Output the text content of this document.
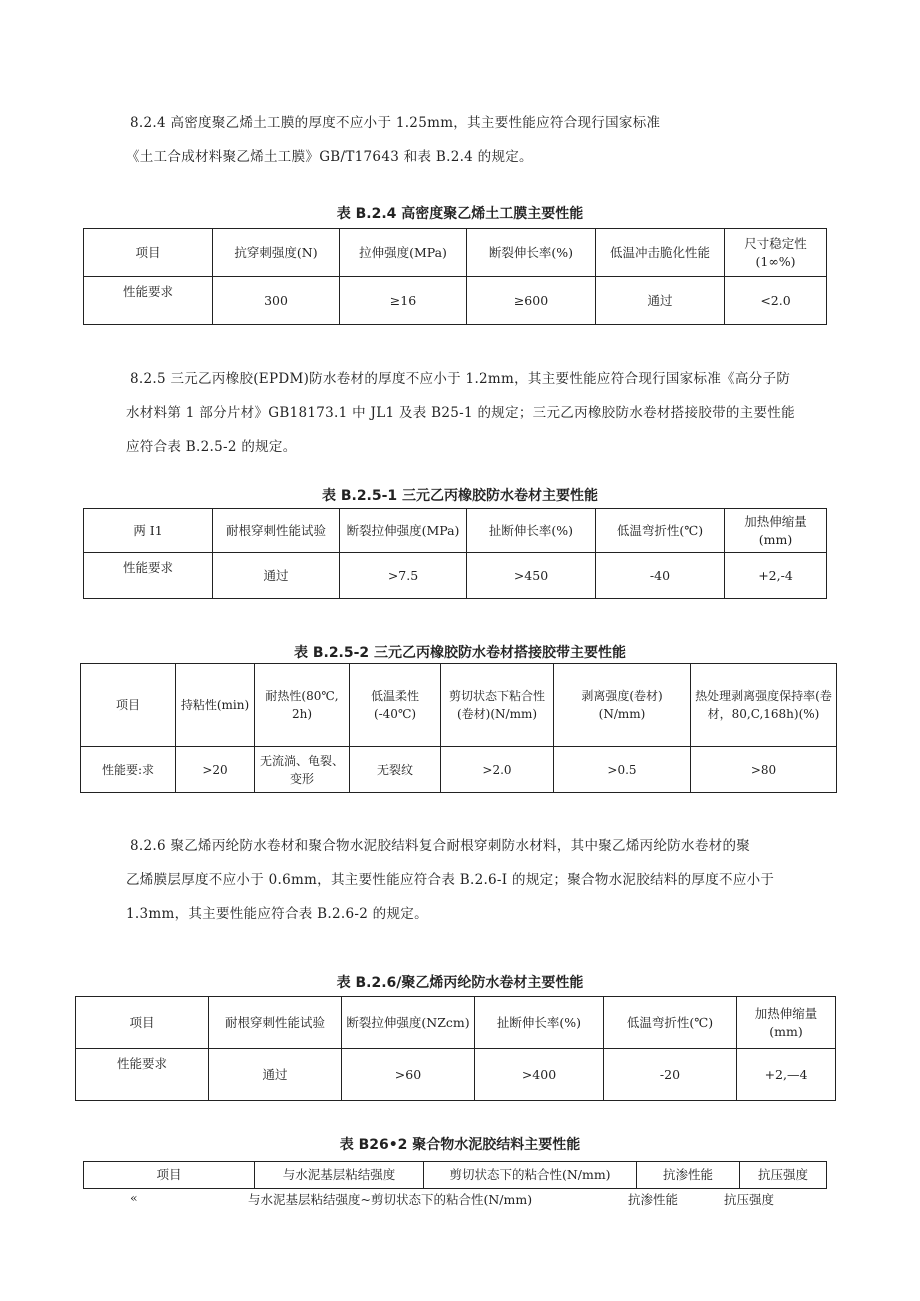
8.2.4 高密度聚乙烯土工膜的厚度不应小于 1.25mm，其主要性能应符合现行国家标准
《土工合成材料聚乙烯土工膜》GB/T17643 和表 B.2.4 的规定。
表 B.2.4 高密度聚乙烯土工膜主要性能
项目	抗穿刺强度(N)	拉伸强度(MPa)	断裂伸长率(%)	低温冲击脆化性能	尺寸稳定性(1∞%)
性能要求	300	≥16	≥600	通过	<2.0
8.2.5 三元乙丙橡胶(EPDM)防水卷材的厚度不应小于 1.2mm，其主要性能应符合现行国家标准《高分子防
水材料第 1 部分片材》GB18173.1 中 JL1 及表 B25-1 的规定；三元乙丙橡胶防水卷材搭接胶带的主要性能
应符合表 B.2.5-2 的规定。
表 B.2.5-1 三元乙丙橡胶防水卷材主要性能
两 I1	耐根穿刺性能试验	断裂拉伸强度(MPa)	扯断伸长率(%)	低温弯折性(℃)	加热伸缩量(mm)
性能要求	通过	>7.5	>450	-40	+2,-4
表 B.2.5-2 三元乙丙橡胶防水卷材搭接胶带主要性能
项目	持粘性(min)	耐热性(80℃, 2h)	低温柔性(-40℃)	剪切状态下粘合性(卷材)(N/mm)	剥离强度(卷材)(N/mm)	热处理剥离强度保持率(卷材，80,C,168h)(%)
性能要:求	>20	无流淌、龟裂、变形	无裂纹	>2.0	>0.5	>80
8.2.6 聚乙烯丙纶防水卷材和聚合物水泥胶结料复合耐根穿刺防水材料，其中聚乙烯丙纶防水卷材的聚
乙烯膜层厚度不应小于 0.6mm，其主要性能应符合表 B.2.6-I 的规定；聚合物水泥胶结料的厚度不应小于
1.3mm，其主要性能应符合表 B.2.6-2 的规定。
表 B.2.6/聚乙烯丙纶防水卷材主要性能
项目	耐根穿刺性能试验	断裂拉伸强度(NZcm)	扯断伸长率(%)	低温弯折性(℃)	加热伸缩量(mm)
性能要求	通过	>60	>400	-20	+2,—4
表 B26•2 聚合物水泥胶结料主要性能
项目	与水泥基层粘结强度	剪切状态下的粘合性(N/mm)	抗渗性能	抗压强度
«	与水泥基层粘结强度~剪切状态下的粘合性(N/mm)	抗渗性能	抗压强度
